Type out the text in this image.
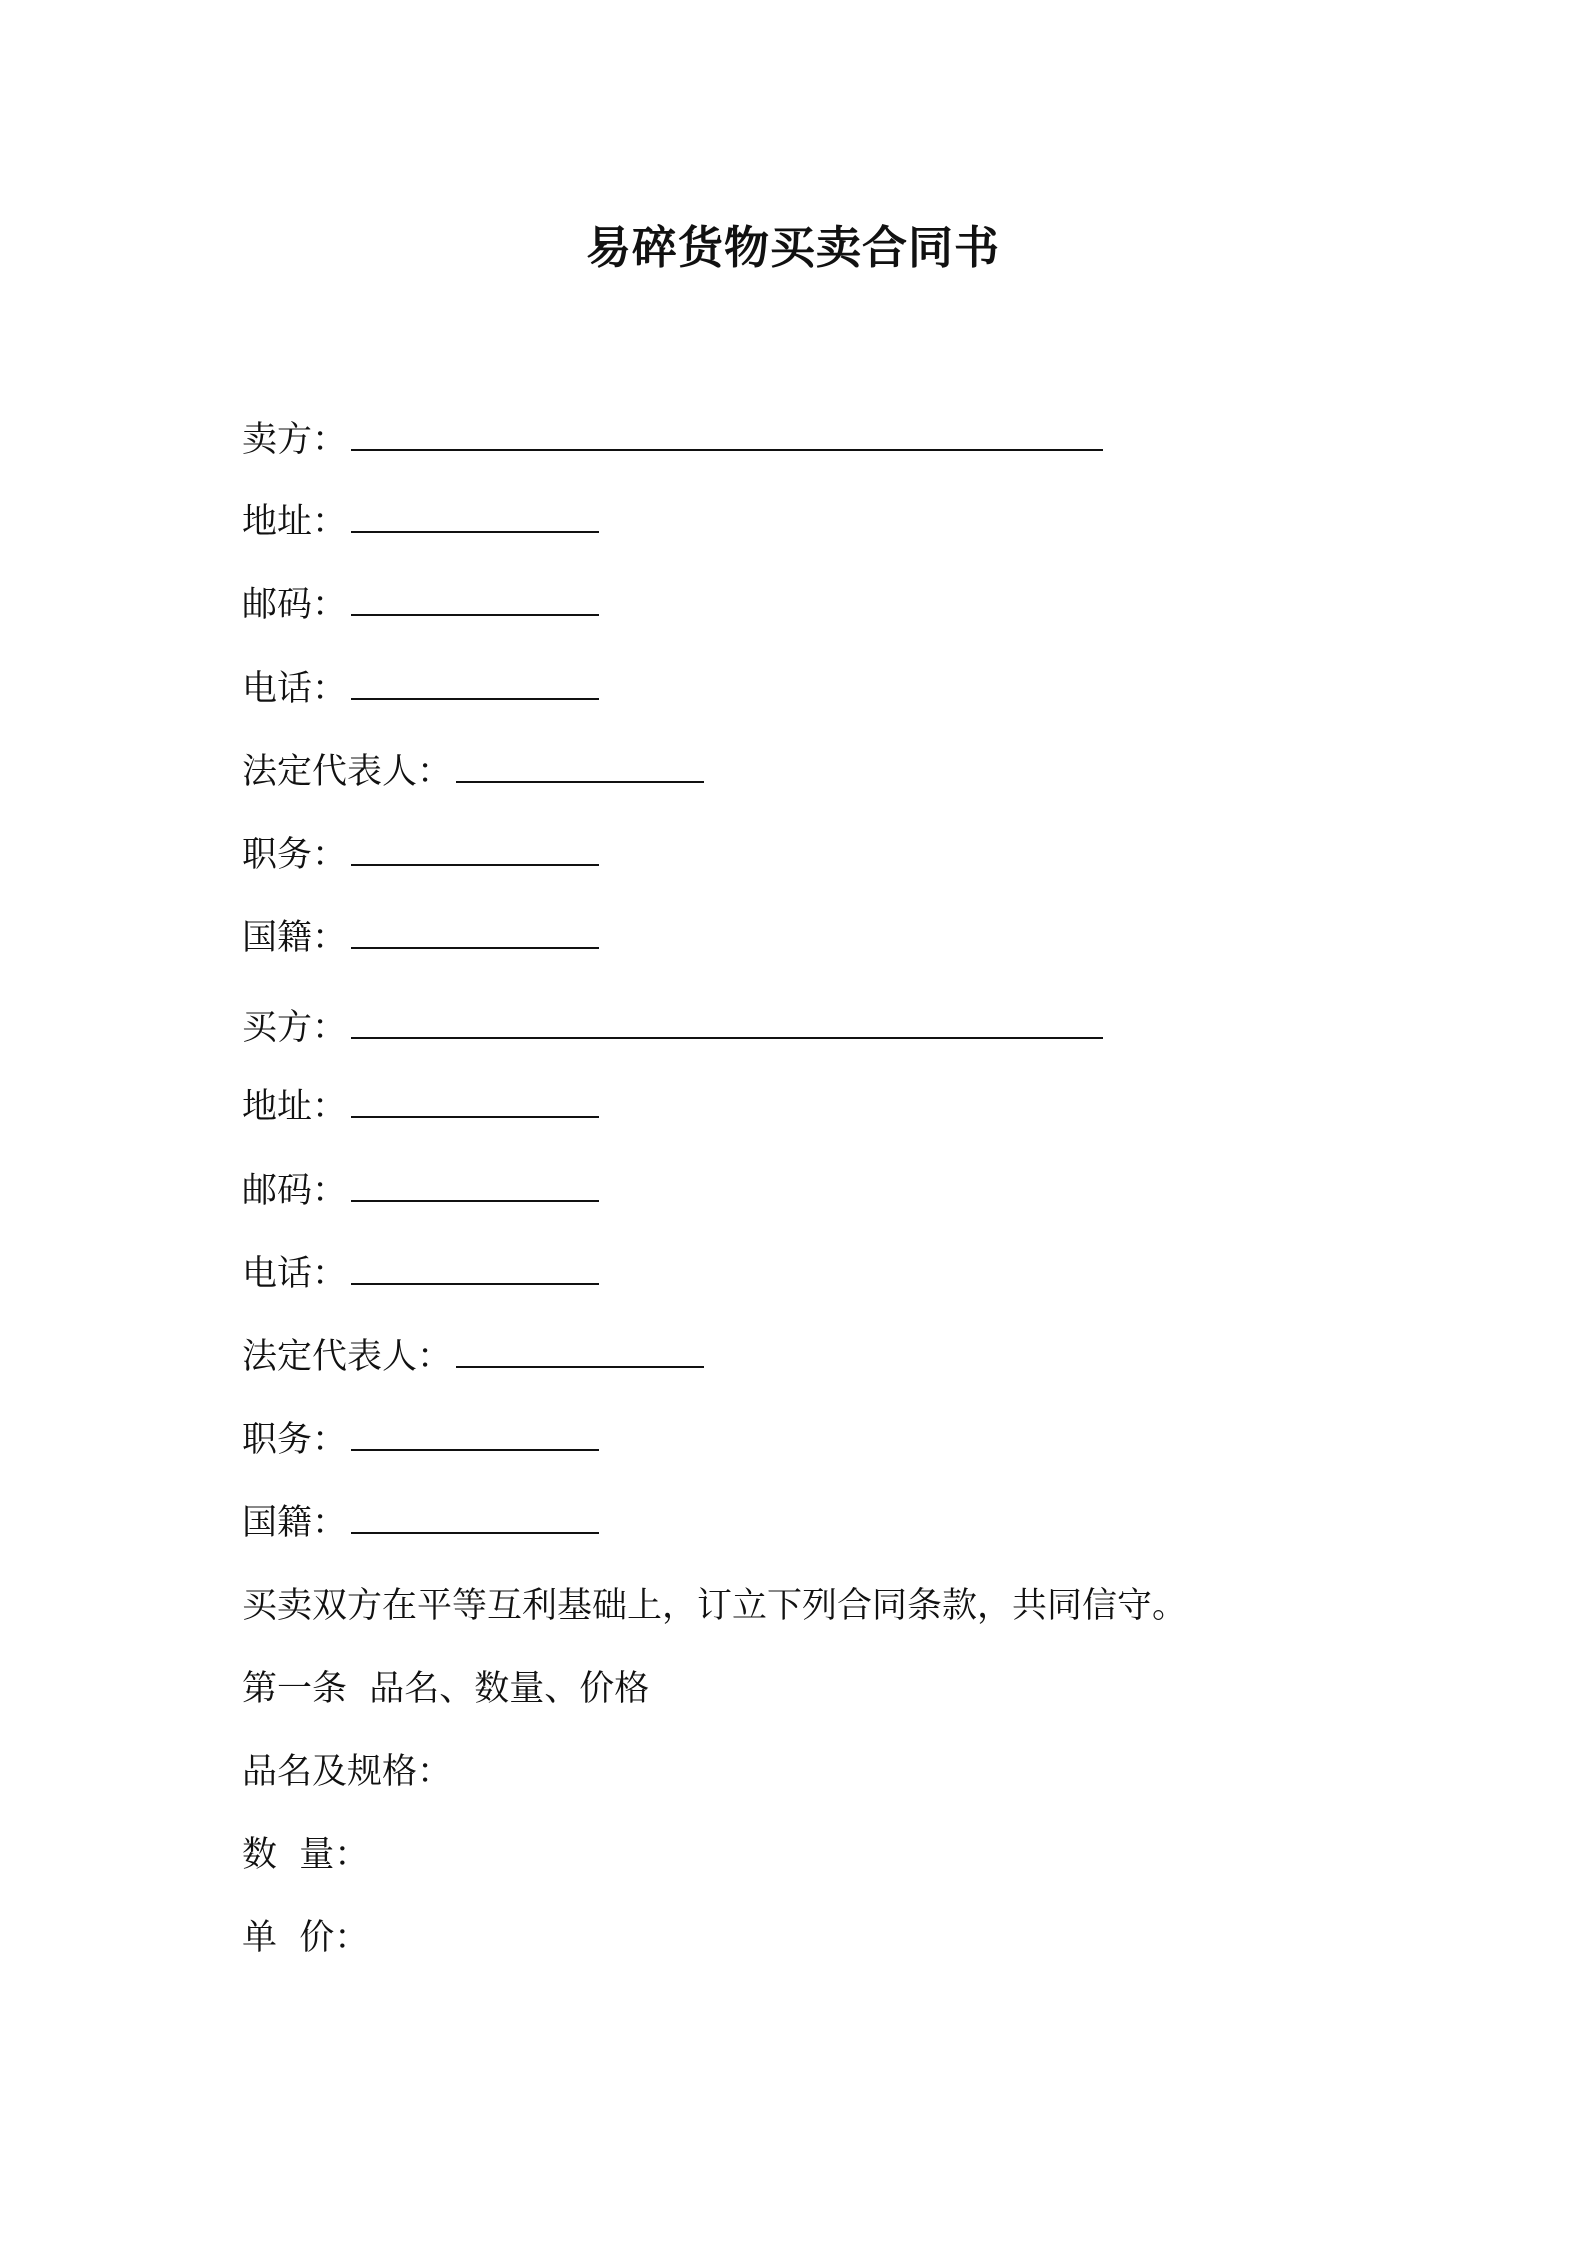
易碎货物买卖合同书
卖方：
地址：
邮码：
电话：
法定代表人：
职务：
国籍：
买方：
地址：
邮码：
电话：
法定代表人：
职务：
国籍：
买卖双方在平等互利基础上，订立下列合同条款，共同信守。
第一条  品名、数量、价格
品名及规格：
数  量：
单  价：
